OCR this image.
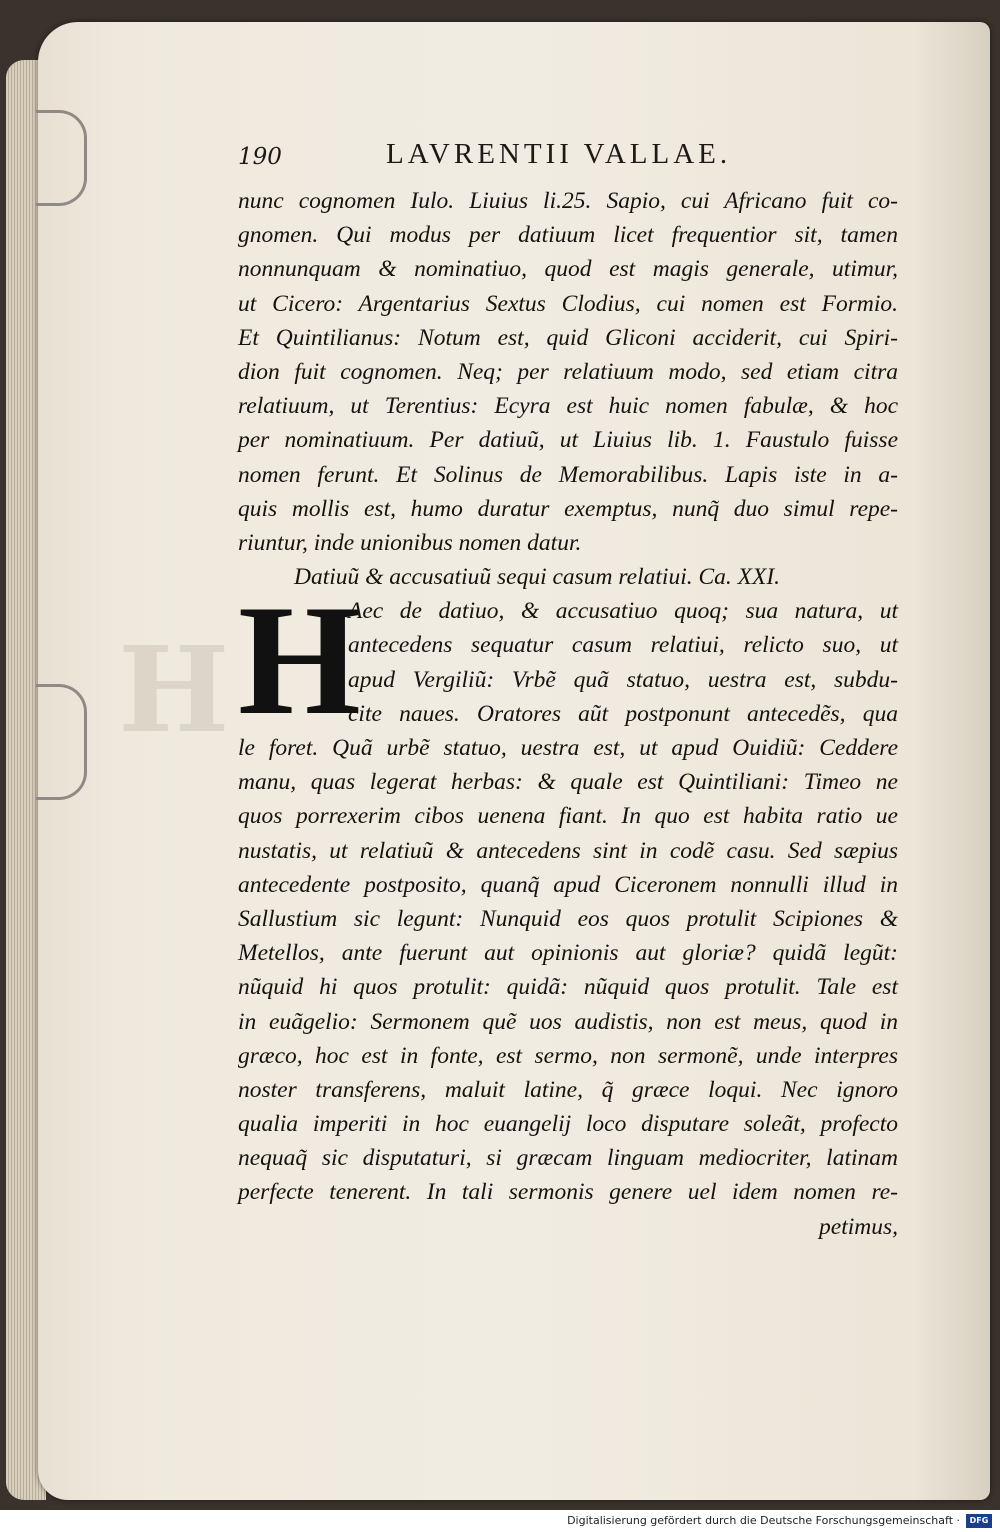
H
190	LAVRENTII VALLAE.
nunc cognomen Iulo. Liuius li.25. Sapio, cui Africano fuit co-
gnomen. Qui modus per datiuum licet frequentior sit, tamen
nonnunquam & nominatiuo, quod est magis generale, utimur,
ut Cicero: Argentarius Sextus Clodius, cui nomen est Formio.
Et Quintilianus: Notum est, quid Gliconi acciderit, cui Spiri-
dion fuit cognomen. Neq; per relatiuum modo, sed etiam citra
relatiuum, ut Terentius: Ecyra est huic nomen fabulæ, & hoc
per nominatiuum. Per datiuũ, ut Liuius lib. 1. Faustulo fuisse
nomen ferunt. Et Solinus de Memorabilibus. Lapis iste in a-
quis mollis est, humo duratur exemptus, nunq̃ duo simul repe-
riuntur, inde unionibus nomen datur.
Datiuũ & accusatiuũ sequi casum relatiui. Ca. XXI.
H
Aec de datiuo, & accusatiuo quoq; sua natura, ut
antecedens sequatur casum relatiui, relicto suo, ut
apud Vergiliũ: Vrbẽ quã statuo, uestra est, subdu-
cite naues. Oratores aũt postponunt antecedẽs, qua
le foret. Quã urbẽ statuo, uestra est, ut apud Ouidiũ: Ceddere
manu, quas legerat herbas: & quale est Quintiliani: Timeo ne
quos porrexerim cibos uenena fiant. In quo est habita ratio ue
nustatis, ut relatiuũ & antecedens sint in codẽ casu. Sed sæpius
antecedente postposito, quanq̃ apud Ciceronem nonnulli illud in
Sallustium sic legunt: Nunquid eos quos protulit Scipiones &
Metellos, ante fuerunt aut opinionis aut gloriæ? quidã legũt:
nũquid hi quos protulit: quidã: nũquid quos protulit. Tale est
in euãgelio: Sermonem quẽ uos audistis, non est meus, quod in
græco, hoc est in fonte, est sermo, non sermonẽ, unde interpres
noster transferens, maluit latine, q̃ græce loqui. Nec ignoro
qualia imperiti in hoc euangelij loco disputare soleãt, profecto
nequaq̃ sic disputaturi, si græcam linguam mediocriter, latinam
perfecte tenerent. In tali sermonis genere uel idem nomen re-
petimus,
Digitalisierung gefördert durch die Deutsche Forschungsgemeinschaft ·	DFG
